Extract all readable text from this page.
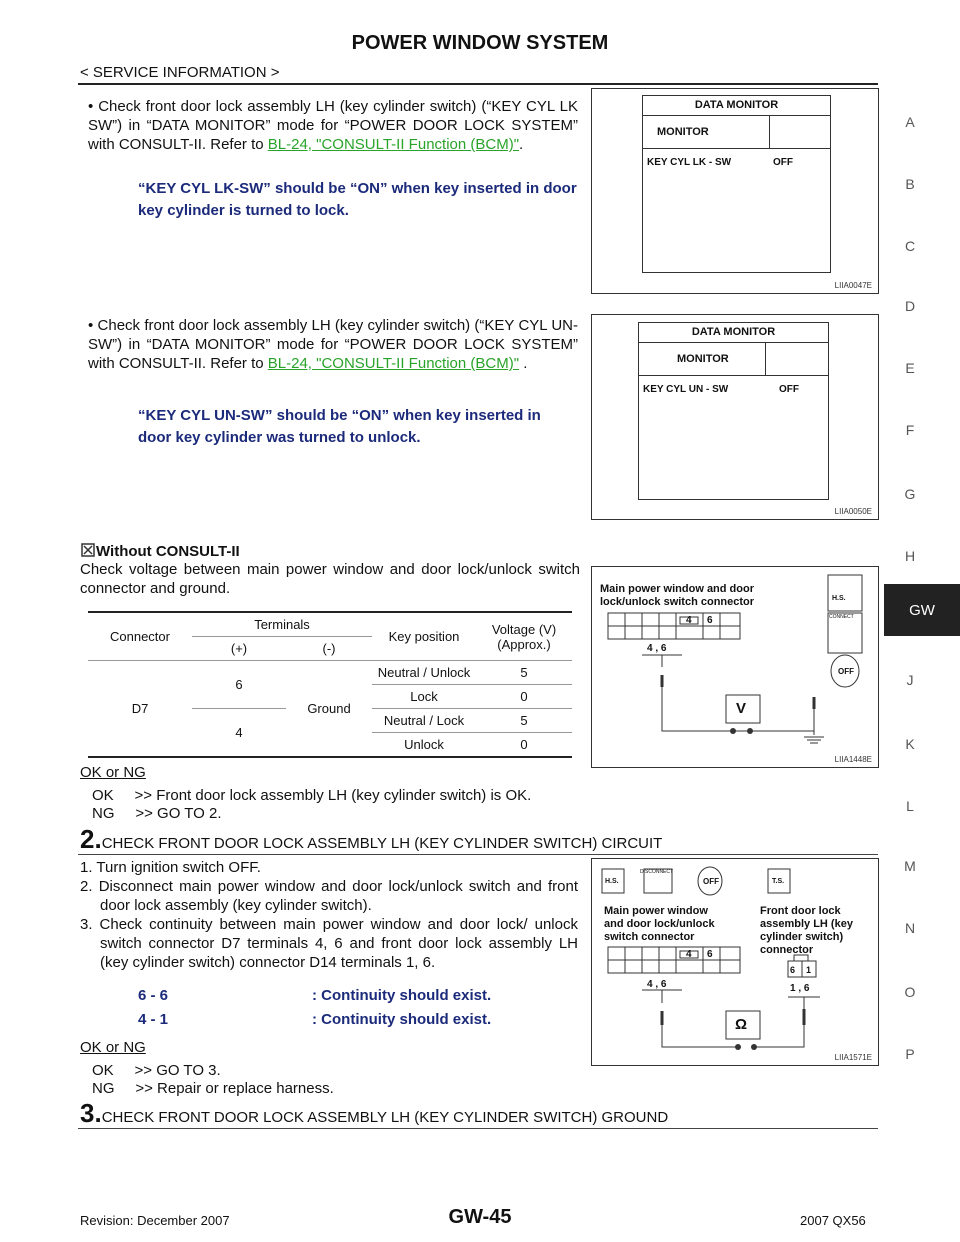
POWER WINDOW SYSTEM
< SERVICE INFORMATION >
A
B
C
D
E
F
G
H
J
K
L
M
N
O
P
GW
• Check front door lock assembly LH (key cylinder switch) (“KEY CYL LK SW”) in “DATA MONITOR” mode for “POWER DOOR LOCK SYSTEM” with CONSULT-II. Refer to BL-24, "CONSULT-II Function (BCM)".
“KEY CYL LK-SW” should be “ON” when key inserted in door key cylinder is turned to lock.
DATA MONITOR
MONITOR
KEY CYL LK - SW	OFF
LIIA0047E
• Check front door lock assembly LH (key cylinder switch) (“KEY CYL UN-SW”) in “DATA MONITOR” mode for “POWER DOOR LOCK SYSTEM” with CONSULT-II. Refer to BL-24, "CONSULT-II Function (BCM)" .
“KEY CYL UN-SW” should be “ON” when key inserted in door key cylinder was turned to unlock.
DATA MONITOR
MONITOR
KEY CYL UN - SW	OFF
LIIA0050E
Without CONSULT-II
Check voltage between main power window and door lock/unlock switch connector and ground.
Connector	Terminals		Key position	Voltage (V)
(Approx.)
	(+)	(-)		
D7	6	Ground	Neutral / Unlock	5
			Lock	0
	4		Neutral / Lock	5
			Unlock	0
Main power window and door lock/unlock switch connector
4 6
4 , 6
V
H.S.
CONNECT
OFF
LIIA1448E
OK or NG
OK     >> Front door lock assembly LH (key cylinder switch) is OK.
NG     >> GO TO 2.
2.CHECK FRONT DOOR LOCK ASSEMBLY LH (KEY CYLINDER SWITCH) CIRCUIT
1. Turn ignition switch OFF.
2. Disconnect main power window and door lock/unlock switch and front door lock assembly (key cylinder switch).
3. Check continuity between main power window and door lock/ unlock switch connector D7 terminals 4, 6 and front door lock assembly LH (key cylinder switch) connector D14 terminals 1, 6.
6 - 6	: Continuity should exist.
4 - 1	: Continuity should exist.
OK or NG
OK     >> GO TO 3.
NG     >> Repair or replace harness.
H.S.
DISCONNECT
OFF	T.S.
Main power window and door lock/unlock switch connector
Front door lock assembly LH (key cylinder switch) connector
4 6
4 , 6
6 1
1 , 6
Ω
LIIA1571E
3.CHECK FRONT DOOR LOCK ASSEMBLY LH (KEY CYLINDER SWITCH) GROUND
Revision: December 2007	GW-45	2007 QX56
